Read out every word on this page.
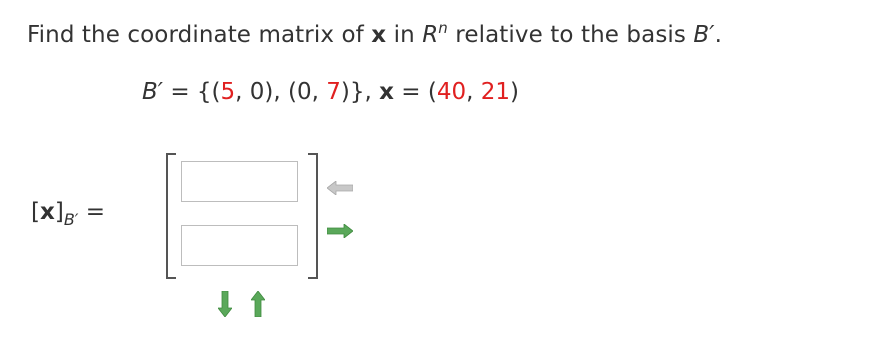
Find the coordinate matrix of x in $R^n$ relative to the basis B′.
B′ = {(5, 0), (0, 7)}, x = (40, 21)
$[x]_{B'}$ =
